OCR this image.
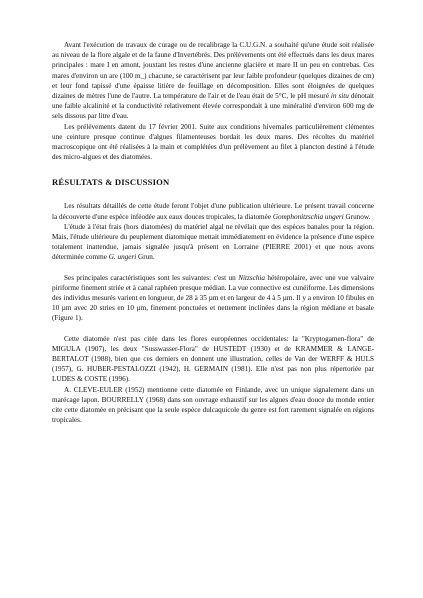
Avant l'exécution de travaux de curage ou de recalibrage la C.U.G.N. a souhaité qu'une étude soit réalisée au niveau de la flore algale et de la faune d'Invertébrés. Des prélèvements ont été effectués dans les deux mares principales : mare I en amont, jouxtant les restes d'une ancienne glacière et mare II un peu en contrebas. Ces mares d'environ un are (100 m_) chacune, se caractérisent par leur faible profondeur (quelques dizaines de cm) et leur fond tapissé d'une épaisse litière de feuillage en décomposition. Elles sont éloignées de quelques dizaines de mètres l'une de l'autre. La température de l'air et de l'eau était de 5°C, le pH mesuré in situ dénotait une faible alcalinité et la conductivité relativement élevée correspondait à une minéralité d'environ 600 mg de sels dissous par litre d'eau.

Les prélèvements datent du 17 février 2001. Suite aux conditions hivernales particulièrement clémentes une ceinture presque continue d'algues filamenteuses bordait les deux mares. Des récoltes du matériel macroscopique ont été réalisées à la main et complétées d'un prélèvement au filet à plancton destiné à l'étude des micro-algues et des diatomées.

RÉSULTATS & DISCUSSION

Les résultats détaillés de cette étude feront l'objet d'une publication ultérieure. Le présent travail concerne la découverte d'une espèce inféodée aux eaux douces tropicales, la diatomée Gomphonitzschia ungeri Grunow.

L'étude à l'état frais (hors diatomées) du matériel algal ne révélait que des espèces banales pour la région. Mais, l'étude ultérieure du peuplement diatomique mettait immédiatement en évidence la présence d'une espèce totalement inattendue, jamais signalée jusqu'à présent en Lorraine (PIERRE 2001) et que nous avons déterminée comme G. ungeri Grun.

Ses principales caractéristiques sont les suivantes: c'est un Nitzschia hétéropolaire, avec une vue valvaire piriforme finement striée et à canal raphéen presque médian. La vue connective est cunéiforme. Les dimensions des individus mesurés varient en longueur, de 28 à 35 µm et en largeur de 4 à 5 µm. Il y a environ 10 fibules en 10 µm avec 20 stries en 10 µm, finement ponctuées et nettement inclinées dans la région médiane et basale (Figure 1).

Cette diatomée n'est pas citée dans les flores européennes occidentales: la "Kryptogamen-flora" de MIGULA (1907), les deux "Susswasser-Flora" de HUSTEDT (1930) et de KRAMMER & LANGE-BERTALOT (1988), bien que ces derniers en donnent une illustration, celles de Van der WERFF & HULS (1957), G. HUBER-PESTALOZZI (1942), H. GERMAIN (1981). Elle n'est pas non plus répertoriée par LUDES & COSTE (1996).

A. CLEVE-EULER (1952) mentionne cette diatomée en Finlande, avec un unique signalement dans un marécage lapon. BOURRELLY (1968) dans son ouvrage exhaustif sur les algues d'eau douce du monde entier cite cette diatomée en précisant que la seule espèce dulcaquicole du genre est fort rarement signalée en régions tropicales.
